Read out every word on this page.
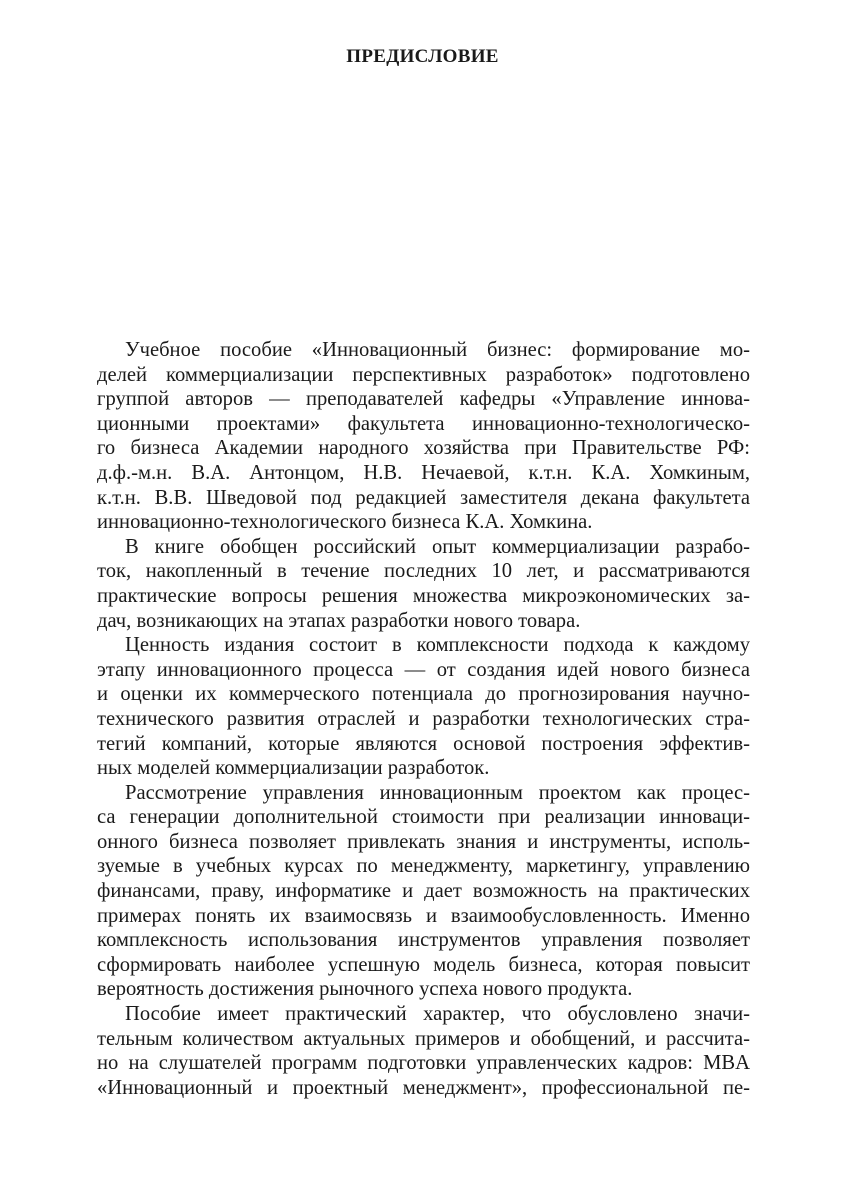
ПРЕДИСЛОВИЕ
Учебное пособие «Инновационный бизнес: формирование мо-
делей коммерциализации перспективных разработок» подготовлено
группой авторов — преподавателей кафедры «Управление иннова-
ционными проектами» факультета инновационно-технологическо-
го бизнеса Академии народного хозяйства при Правительстве РФ:
д.ф.-м.н. В.А. Антонцом, Н.В. Нечаевой, к.т.н. К.А. Хомкиным,
к.т.н. В.В. Шведовой под редакцией заместителя декана факультета
инновационно-технологического бизнеса К.А. Хомкина.
В книге обобщен российский опыт коммерциализации разрабо-
ток, накопленный в течение последних 10 лет, и рассматриваются
практические вопросы решения множества микроэкономических за-
дач, возникающих на этапах разработки нового товара.
Ценность издания состоит в комплексности подхода к каждому
этапу инновационного процесса — от создания идей нового бизнеса
и оценки их коммерческого потенциала до прогнозирования научно-
технического развития отраслей и разработки технологических стра-
тегий компаний, которые являются основой построения эффектив-
ных моделей коммерциализации разработок.
Рассмотрение управления инновационным проектом как процес-
са генерации дополнительной стоимости при реализации инноваци-
онного бизнеса позволяет привлекать знания и инструменты, исполь-
зуемые в учебных курсах по менеджменту, маркетингу, управлению
финансами, праву, информатике и дает возможность на практических
примерах понять их взаимосвязь и взаимообусловленность. Именно
комплексность использования инструментов управления позволяет
сформировать наиболее успешную модель бизнеса, которая повысит
вероятность достижения рыночного успеха нового продукта.
Пособие имеет практический характер, что обусловлено значи-
тельным количеством актуальных примеров и обобщений, и рассчита-
но на слушателей программ подготовки управленческих кадров: MBA
«Инновационный и проектный менеджмент», профессиональной пе-
